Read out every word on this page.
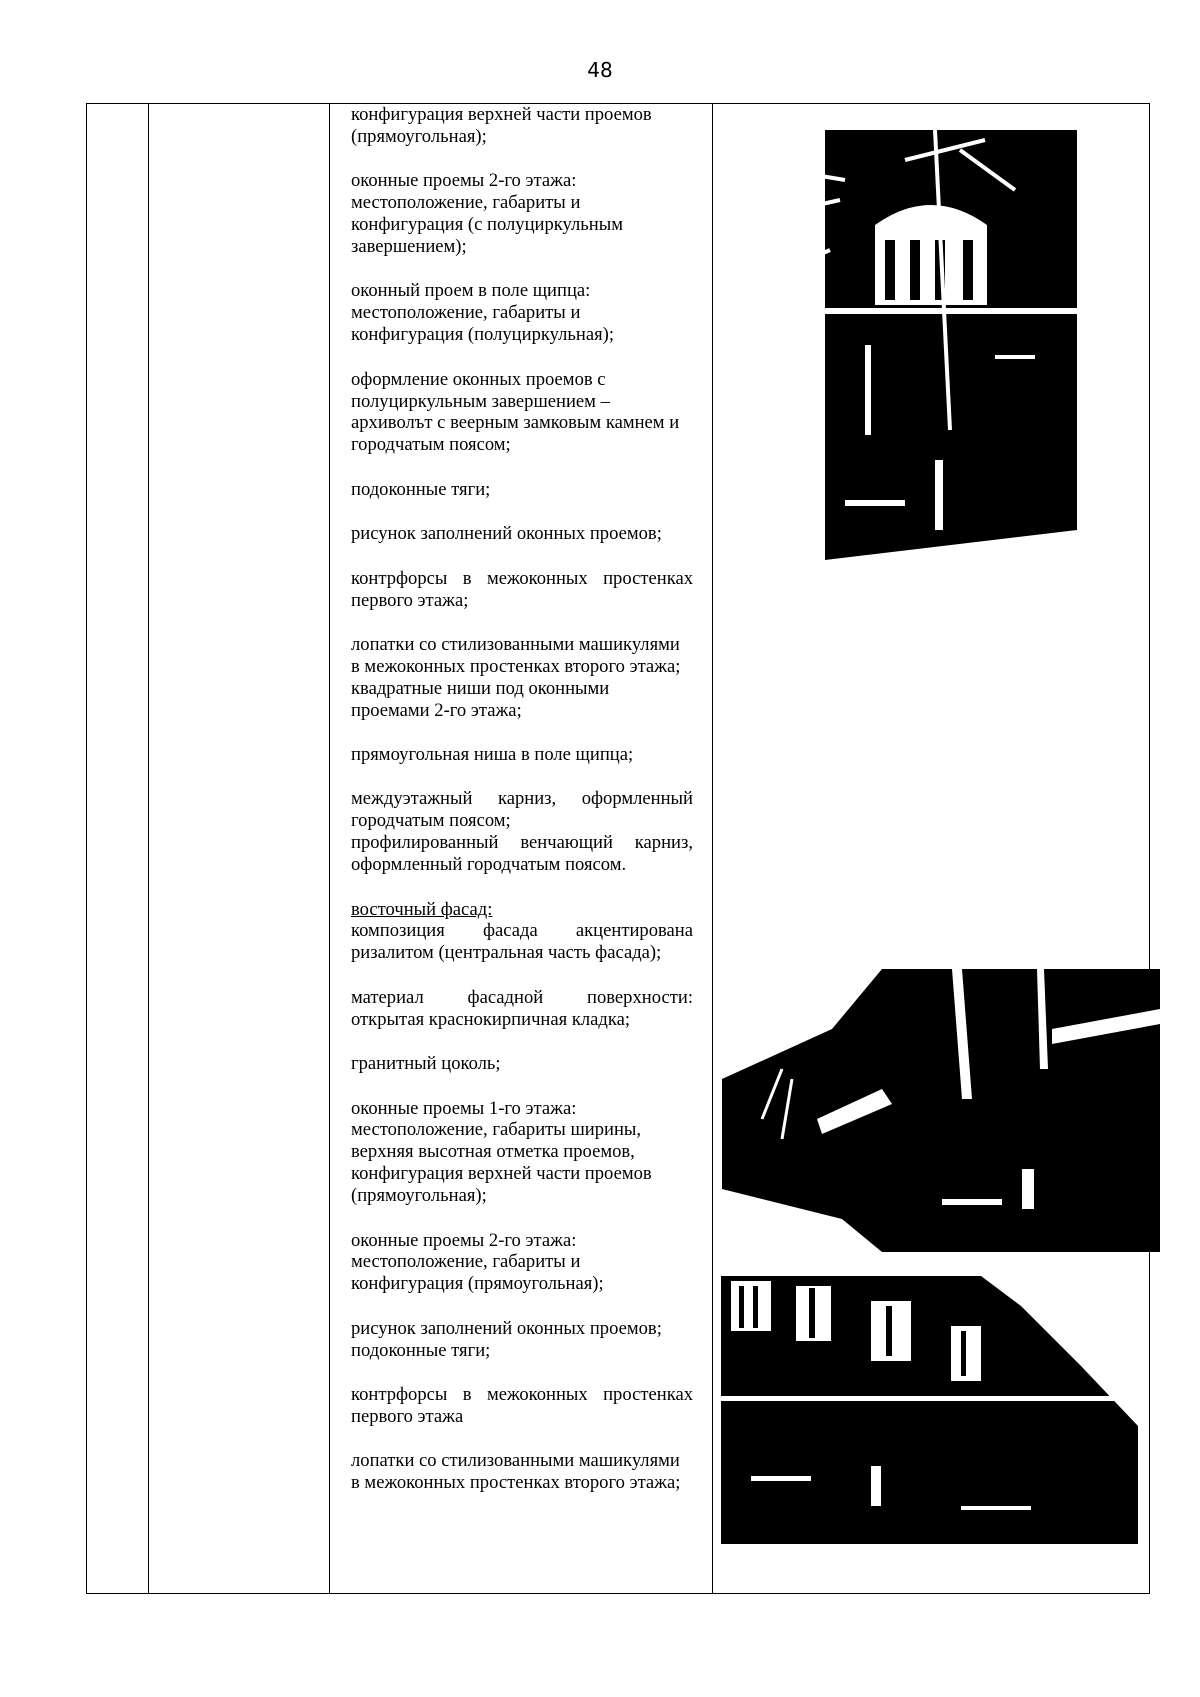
48

конфигурация верхней части проемов
(прямоугольная);

оконные проемы 2-го этажа:
местоположение, габариты и
конфигурация (с полуциркульным
завершением);

оконный проем в поле щипца:
местоположение, габариты и
конфигурация (полуциркульная);

оформление оконных проемов с
полуциркульным завершением –
архиволът с веерным замковым камнем и
городчатым поясом;

подоконные тяги;

рисунок заполнений оконных проемов;

контрфорсы в межоконных простенках
первого этажа;

лопатки со стилизованными машикулями
в межоконных простенках второго этажа;
квадратные ниши под оконными
проемами 2-го этажа;

прямоугольная ниша в поле щипца;

междуэтажный карниз, оформленный
городчатым поясом;
профилированный венчающий карниз,
оформленный городчатым поясом.

восточный фасад:
композиция фасада акцентирована
ризалитом (центральная часть фасада);

материал фасадной поверхности:
открытая краснокирпичная кладка;

гранитный цоколь;

оконные проемы 1-го этажа:
местоположение, габариты ширины,
верхняя высотная отметка проемов,
конфигурация верхней части проемов
(прямоугольная);

оконные проемы 2-го этажа:
местоположение, габариты и
конфигурация (прямоугольная);

рисунок заполнений оконных проемов;
подоконные тяги;

контрфорсы в межоконных простенках
первого этажа

лопатки со стилизованными машикулями
в межоконных простенках второго этажа;
